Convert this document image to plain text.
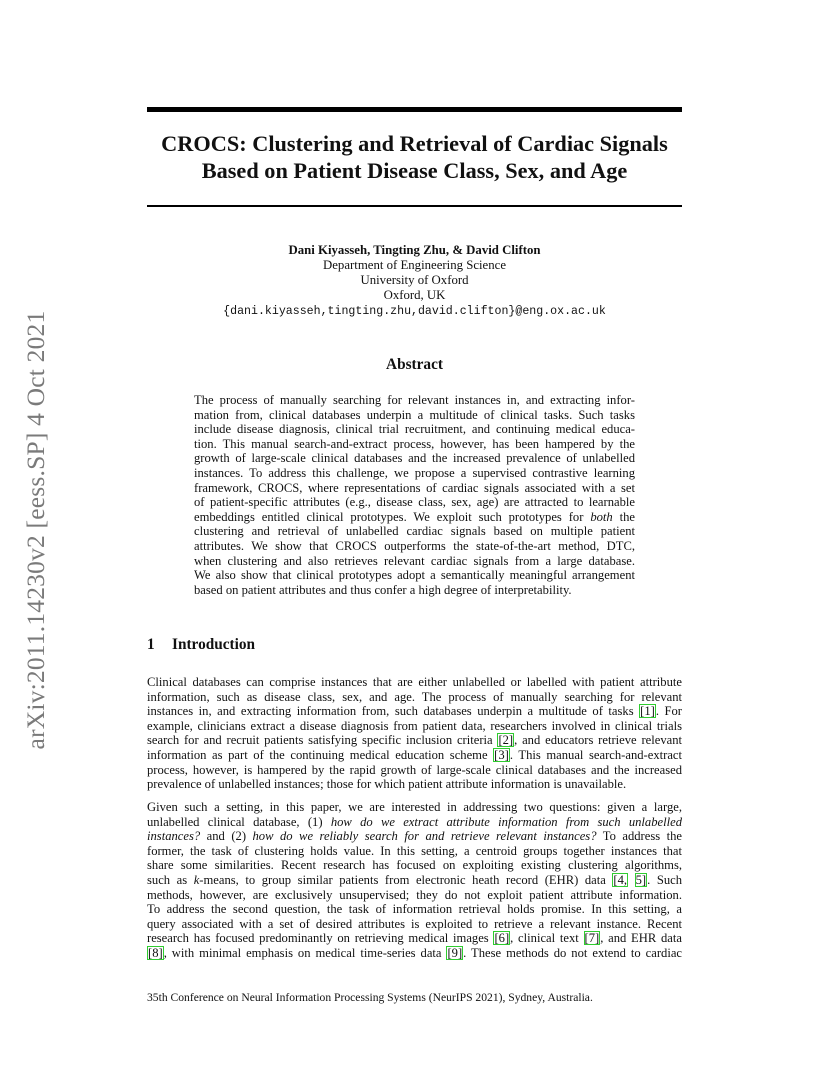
arXiv:2011.14230v2 [eess.SP] 4 Oct 2021
CROCS: Clustering and Retrieval of Cardiac Signals
Based on Patient Disease Class, Sex, and Age
Dani Kiyasseh, Tingting Zhu, & David Clifton
Department of Engineering Science
University of Oxford
Oxford, UK
{dani.kiyasseh,tingting.zhu,david.clifton}@eng.ox.ac.uk
Abstract
The process of manually searching for relevant instances in, and extracting infor-
mation from, clinical databases underpin a multitude of clinical tasks. Such tasks
include disease diagnosis, clinical trial recruitment, and continuing medical educa-
tion. This manual search-and-extract process, however, has been hampered by the
growth of large-scale clinical databases and the increased prevalence of unlabelled
instances. To address this challenge, we propose a supervised contrastive learning
framework, CROCS, where representations of cardiac signals associated with a set
of patient-specific attributes (e.g., disease class, sex, age) are attracted to learnable
embeddings entitled clinical prototypes. We exploit such prototypes for both the
clustering and retrieval of unlabelled cardiac signals based on multiple patient
attributes. We show that CROCS outperforms the state-of-the-art method, DTC,
when clustering and also retrieves relevant cardiac signals from a large database.
We also show that clinical prototypes adopt a semantically meaningful arrangement
based on patient attributes and thus confer a high degree of interpretability.
1 Introduction
Clinical databases can comprise instances that are either unlabelled or labelled with patient attribute
information, such as disease class, sex, and age. The process of manually searching for relevant
instances in, and extracting information from, such databases underpin a multitude of tasks [1]. For
example, clinicians extract a disease diagnosis from patient data, researchers involved in clinical trials
search for and recruit patients satisfying specific inclusion criteria [2], and educators retrieve relevant
information as part of the continuing medical education scheme [3]. This manual search-and-extract
process, however, is hampered by the rapid growth of large-scale clinical databases and the increased
prevalence of unlabelled instances; those for which patient attribute information is unavailable.
Given such a setting, in this paper, we are interested in addressing two questions: given a large,
unlabelled clinical database, (1) how do we extract attribute information from such unlabelled
instances? and (2) how do we reliably search for and retrieve relevant instances? To address the
former, the task of clustering holds value. In this setting, a centroid groups together instances that
share some similarities. Recent research has focused on exploiting existing clustering algorithms,
such as k-means, to group similar patients from electronic heath record (EHR) data [4, 5]. Such
methods, however, are exclusively unsupervised; they do not exploit patient attribute information.
To address the second question, the task of information retrieval holds promise. In this setting, a
query associated with a set of desired attributes is exploited to retrieve a relevant instance. Recent
research has focused predominantly on retrieving medical images [6], clinical text [7], and EHR data
[8], with minimal emphasis on medical time-series data [9]. These methods do not extend to cardiac
35th Conference on Neural Information Processing Systems (NeurIPS 2021), Sydney, Australia.
